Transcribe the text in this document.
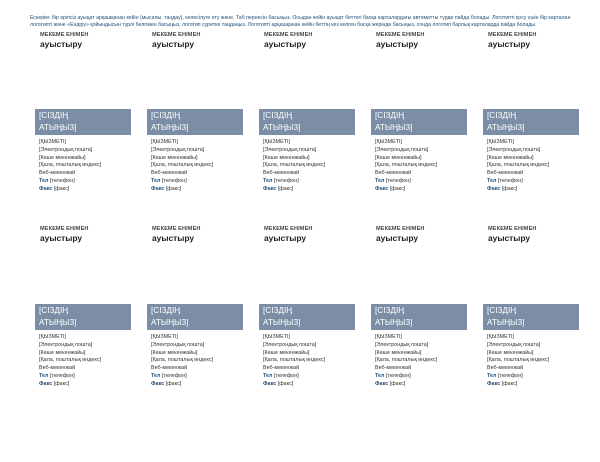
Ескерім: бір әріпсіз ауыцат арқашқанан кейін (мысалы, таңдау), келесілуге ету және. Таб пернесін басыңыз. Осыдан кейін ауыцат беттегі басқа карталардағы автоматты түрде пайда болады. Логотипті қосу үшін бір карталан логотипті және «Ендіру» қойындысын түрлі белгімен басыңыз, логотип суретке таңдаңыз. Логотипті арқашқанан кейін беттің кез келген басқа жерінде басыңыз, сонда логотип барлық карталарда пайда болады.
МЕКЕМЕ ЕНІМЕН
ауыстыру
[СІЗДІҢ
АТЫҢЫЗ]
[ҚЫЗМЕТІ]
[Электрондық пошта]
[Көше мекенжайы]
[Қала, пошталық индекс]
Веб-мекенжай
Тел [телефон]
Факс [факс]
МЕКЕМЕ ЕНІМЕН
ауыстыру
[СІЗДІҢ
АТЫҢЫЗ]
[ҚЫЗМЕТІ]
[Электрондық пошта]
[Көше мекенжайы]
[Қала, пошталық индекс]
Веб-мекенжай
Тел [телефон]
Факс [факс]
МЕКЕМЕ ЕНІМЕН
ауыстыру
[СІЗДІҢ
АТЫҢЫЗ]
[ҚЫЗМЕТІ]
[Электрондық пошта]
[Көше мекенжайы]
[Қала, пошталық индекс]
Веб-мекенжай
Тел [телефон]
Факс [факс]
МЕКЕМЕ ЕНІМЕН
ауыстыру
[СІЗДІҢ
АТЫҢЫЗ]
[ҚЫЗМЕТІ]
[Электрондық пошта]
[Көше мекенжайы]
[Қала, пошталық индекс]
Веб-мекенжай
Тел [телефон]
Факс [факс]
МЕКЕМЕ ЕНІМЕН
ауыстыру
[СІЗДІҢ
АТЫҢЫЗ]
[ҚЫЗМЕТІ]
[Электрондық пошта]
[Көше мекенжайы]
[Қала, пошталық индекс]
Веб-мекенжай
Тел [телефон]
Факс [факс]
МЕКЕМЕ ЕНІМЕН
ауыстыру
[СІЗДІҢ
АТЫҢЫЗ]
[ҚЫЗМЕТІ]
[Электрондық пошта]
[Көше мекенжайы]
[Қала, пошталық индекс]
Веб-мекенжай
Тел [телефон]
Факс [факс]
МЕКЕМЕ ЕНІМЕН
ауыстыру
[СІЗДІҢ
АТЫҢЫЗ]
[ҚЫЗМЕТІ]
[Электрондық пошта]
[Көше мекенжайы]
[Қала, пошталық индекс]
Веб-мекенжай
Тел [телефон]
Факс [факс]
МЕКЕМЕ ЕНІМЕН
ауыстыру
[СІЗДІҢ
АТЫҢЫЗ]
[ҚЫЗМЕТІ]
[Электрондық пошта]
[Көше мекенжайы]
[Қала, пошталық индекс]
Веб-мекенжай
Тел [телефон]
Факс [факс]
МЕКЕМЕ ЕНІМЕН
ауыстыру
[СІЗДІҢ
АТЫҢЫЗ]
[ҚЫЗМЕТІ]
[Электрондық пошта]
[Көше мекенжайы]
[Қала, пошталық индекс]
Веб-мекенжай
Тел [телефон]
Факс [факс]
МЕКЕМЕ ЕНІМЕН
ауыстыру
[СІЗДІҢ
АТЫҢЫЗ]
[ҚЫЗМЕТІ]
[Электрондық пошта]
[Көше мекенжайы]
[Қала, пошталық индекс]
Веб-мекенжай
Тел [телефон]
Факс [факс]
